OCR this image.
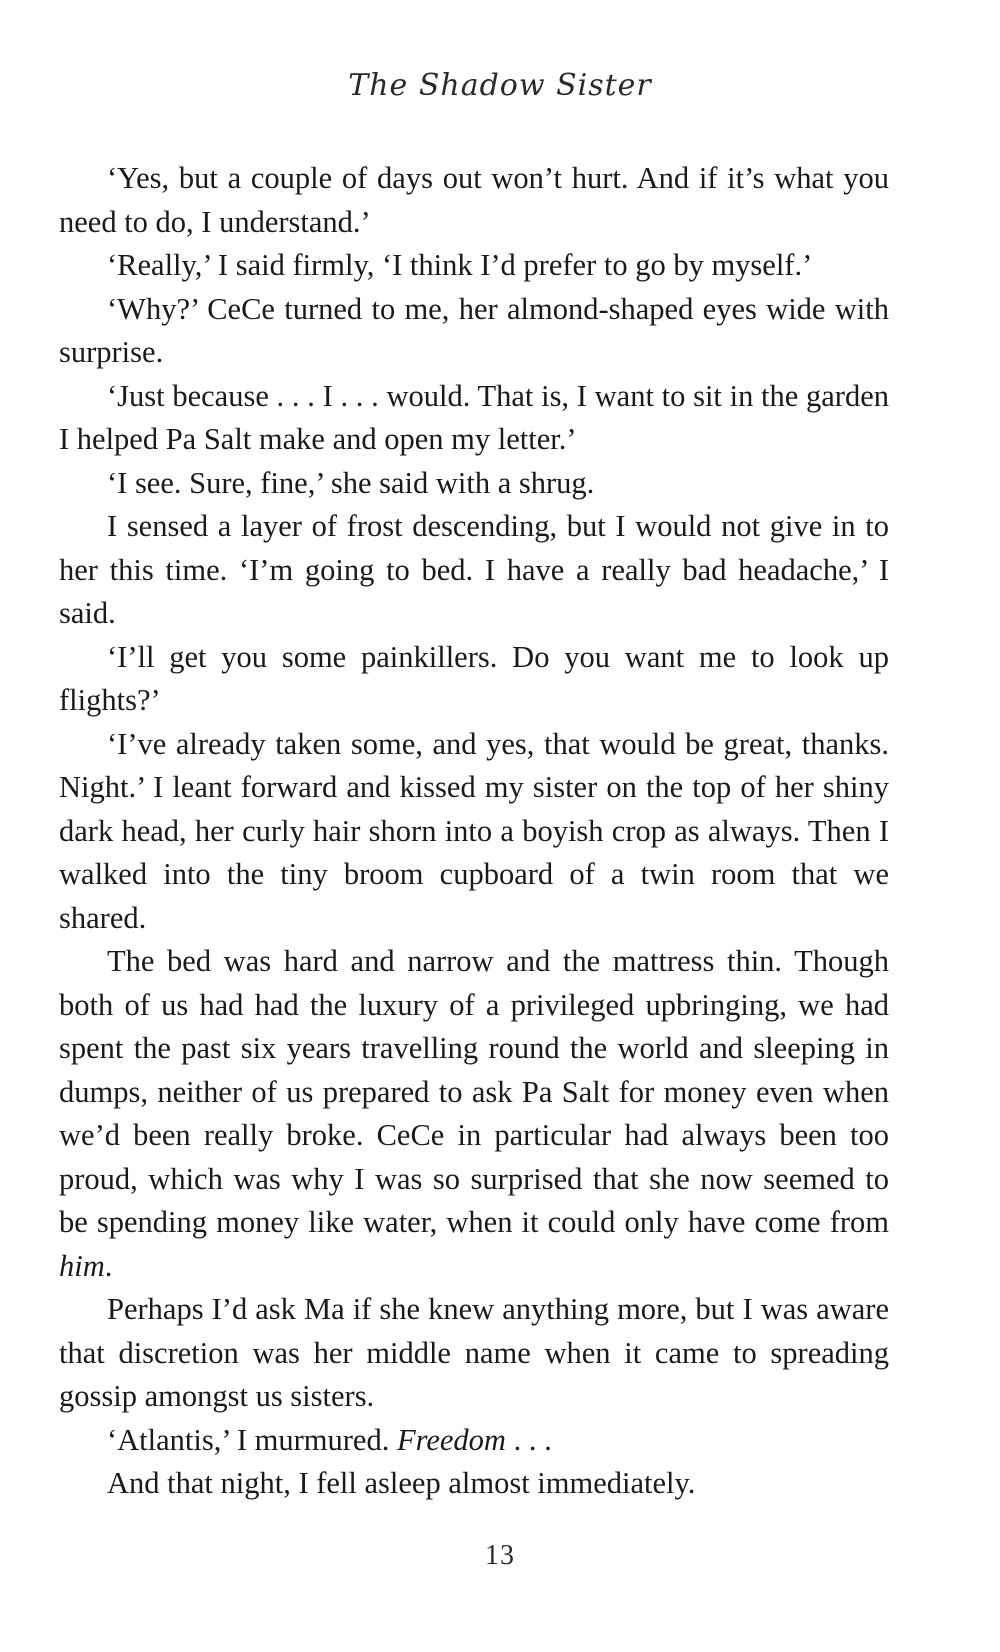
The Shadow Sister

‘Yes, but a couple of days out won’t hurt. And if it’s what you need to do, I understand.’

‘Really,’ I said firmly, ‘I think I’d prefer to go by myself.’

‘Why?’ CeCe turned to me, her almond-shaped eyes wide with surprise.

‘Just because . . . I . . . would. That is, I want to sit in the garden I helped Pa Salt make and open my letter.’

‘I see. Sure, fine,’ she said with a shrug.

I sensed a layer of frost descending, but I would not give in to her this time. ‘I’m going to bed. I have a really bad headache,’ I said.

‘I’ll get you some painkillers. Do you want me to look up flights?’

‘I’ve already taken some, and yes, that would be great, thanks. Night.’ I leant forward and kissed my sister on the top of her shiny dark head, her curly hair shorn into a boyish crop as always. Then I walked into the tiny broom cupboard of a twin room that we shared.

The bed was hard and narrow and the mattress thin. Though both of us had had the luxury of a privileged upbringing, we had spent the past six years travelling round the world and sleeping in dumps, neither of us prepared to ask Pa Salt for money even when we’d been really broke. CeCe in particular had always been too proud, which was why I was so surprised that she now seemed to be spending money like water, when it could only have come from him.

Perhaps I’d ask Ma if she knew anything more, but I was aware that discretion was her middle name when it came to spreading gossip amongst us sisters.

‘Atlantis,’ I murmured. Freedom . . .

And that night, I fell asleep almost immediately.

13
